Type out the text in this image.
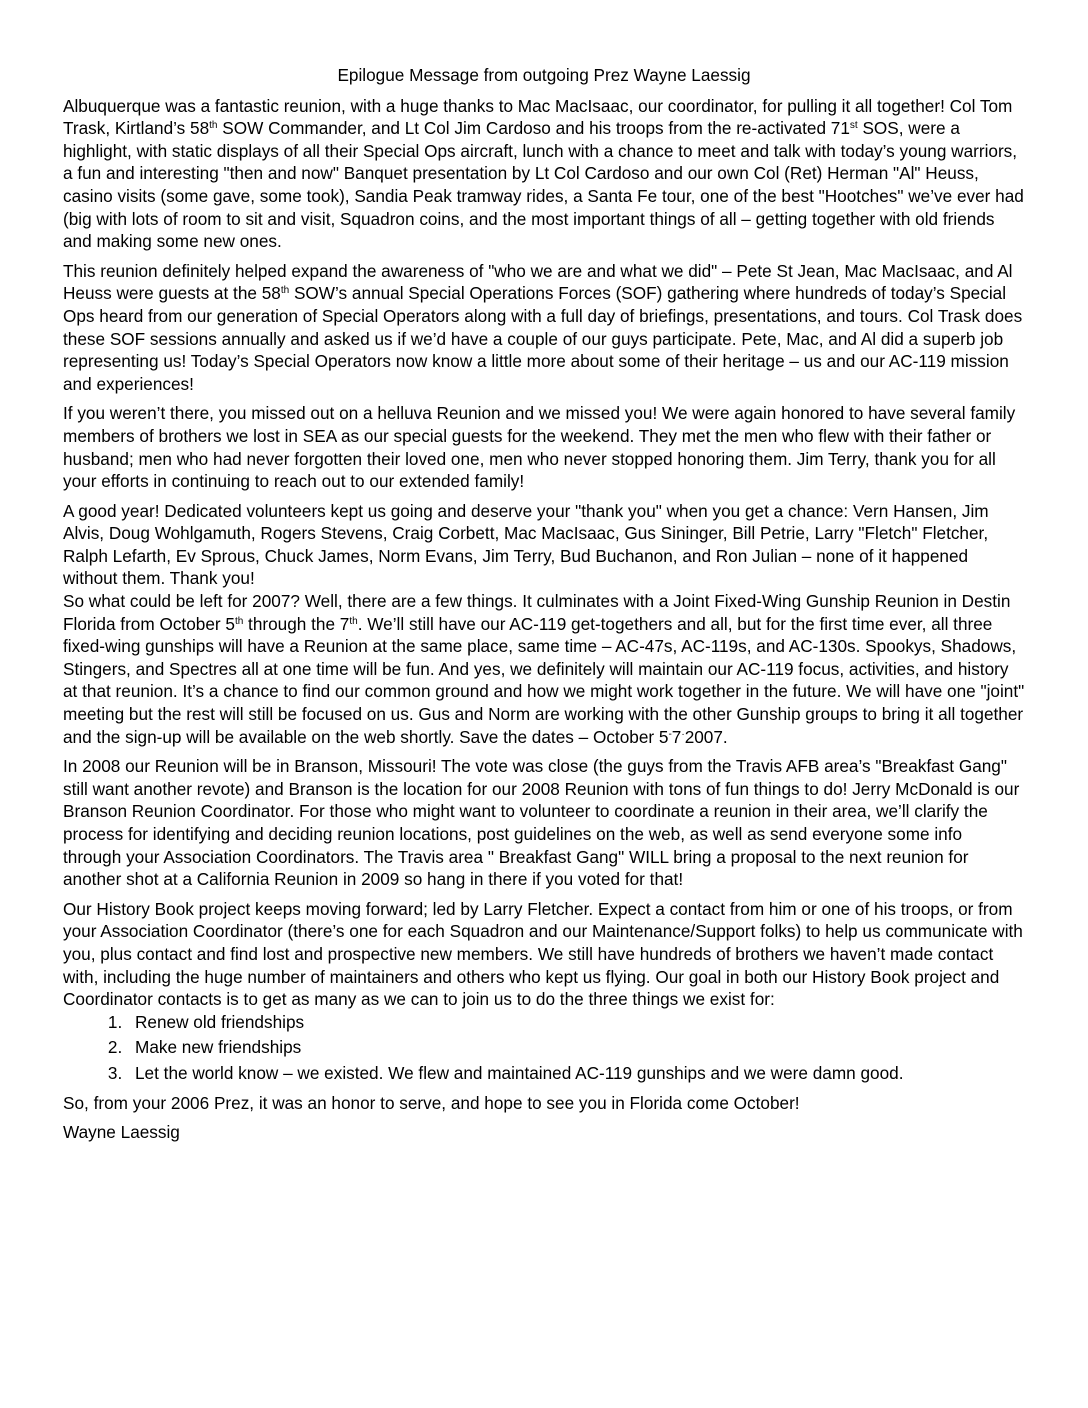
Epilogue Message from outgoing Prez Wayne Laessig
Albuquerque was a fantastic reunion, with a huge thanks to Mac MacIsaac, our coordinator, for pulling it all together! Col Tom Trask, Kirtland’s 58th SOW Commander, and Lt Col Jim Cardoso and his troops from the re-activated 71st SOS, were a highlight, with static displays of all their Special Ops aircraft, lunch with a chance to meet and talk with today’s young warriors, a fun and interesting "then and now" Banquet presentation by Lt Col Cardoso and our own Col (Ret) Herman "Al" Heuss, casino visits (some gave, some took), Sandia Peak tramway rides, a Santa Fe tour, one of the best "Hootches" we’ve ever had (big with lots of room to sit and visit, Squadron coins, and the most important things of all – getting together with old friends and making some new ones.
This reunion definitely helped expand the awareness of "who we are and what we did" – Pete St Jean, Mac MacIsaac, and Al Heuss were guests at the 58th SOW’s annual Special Operations Forces (SOF) gathering where hundreds of today’s Special Ops heard from our generation of Special Operators along with a full day of briefings, presentations, and tours. Col Trask does these SOF sessions annually and asked us if we’d have a couple of our guys participate. Pete, Mac, and Al did a superb job representing us! Today’s Special Operators now know a little more about some of their heritage – us and our AC-119 mission and experiences!
If you weren’t there, you missed out on a helluva Reunion and we missed you! We were again honored to have several family members of brothers we lost in SEA as our special guests for the weekend. They met the men who flew with their father or husband; men who had never forgotten their loved one, men who never stopped honoring them. Jim Terry, thank you for all your efforts in continuing to reach out to our extended family!
A good year! Dedicated volunteers kept us going and deserve your "thank you" when you get a chance: Vern Hansen, Jim Alvis, Doug Wohlgamuth, Rogers Stevens, Craig Corbett, Mac MacIsaac, Gus Sininger, Bill Petrie, Larry "Fletch" Fletcher, Ralph Lefarth, Ev Sprous, Chuck James, Norm Evans, Jim Terry, Bud Buchanon, and Ron Julian – none of it happened without them. Thank you!
So what could be left for 2007? Well, there are a few things. It culminates with a Joint Fixed-Wing Gunship Reunion in Destin Florida from October 5th through the 7th. We’ll still have our AC-119 get-togethers and all, but for the first time ever, all three fixed-wing gunships will have a Reunion at the same place, same time – AC-47s, AC-119s, and AC-130s. Spookys, Shadows, Stingers, and Spectres all at one time will be fun. And yes, we definitely will maintain our AC-119 focus, activities, and history at that reunion. It’s a chance to find our common ground and how we might work together in the future. We will have one "joint" meeting but the rest will still be focused on us. Gus and Norm are working with the other Gunship groups to bring it all together and the sign-up will be available on the web shortly. Save the dates – October 5-7·2007.
In 2008 our Reunion will be in Branson, Missouri! The vote was close (the guys from the Travis AFB area’s "Breakfast Gang" still want another revote) and Branson is the location for our 2008 Reunion with tons of fun things to do! Jerry McDonald is our Branson Reunion Coordinator. For those who might want to volunteer to coordinate a reunion in their area, we’ll clarify the process for identifying and deciding reunion locations, post guidelines on the web, as well as send everyone some info through your Association Coordinators. The Travis area " Breakfast Gang" WILL bring a proposal to the next reunion for another shot at a California Reunion in 2009 so hang in there if you voted for that!
Our History Book project keeps moving forward; led by Larry Fletcher. Expect a contact from him or one of his troops, or from your Association Coordinator (there’s one for each Squadron and our Maintenance/Support folks) to help us communicate with you, plus contact and find lost and prospective new members. We still have hundreds of brothers we haven’t made contact with, including the huge number of maintainers and others who kept us flying. Our goal in both our History Book project and Coordinator contacts is to get as many as we can to join us to do the three things we exist for:
1. Renew old friendships
2. Make new friendships
3. Let the world know – we existed. We flew and maintained AC-119 gunships and we were damn good.
So, from your 2006 Prez, it was an honor to serve, and hope to see you in Florida come October!
Wayne Laessig
